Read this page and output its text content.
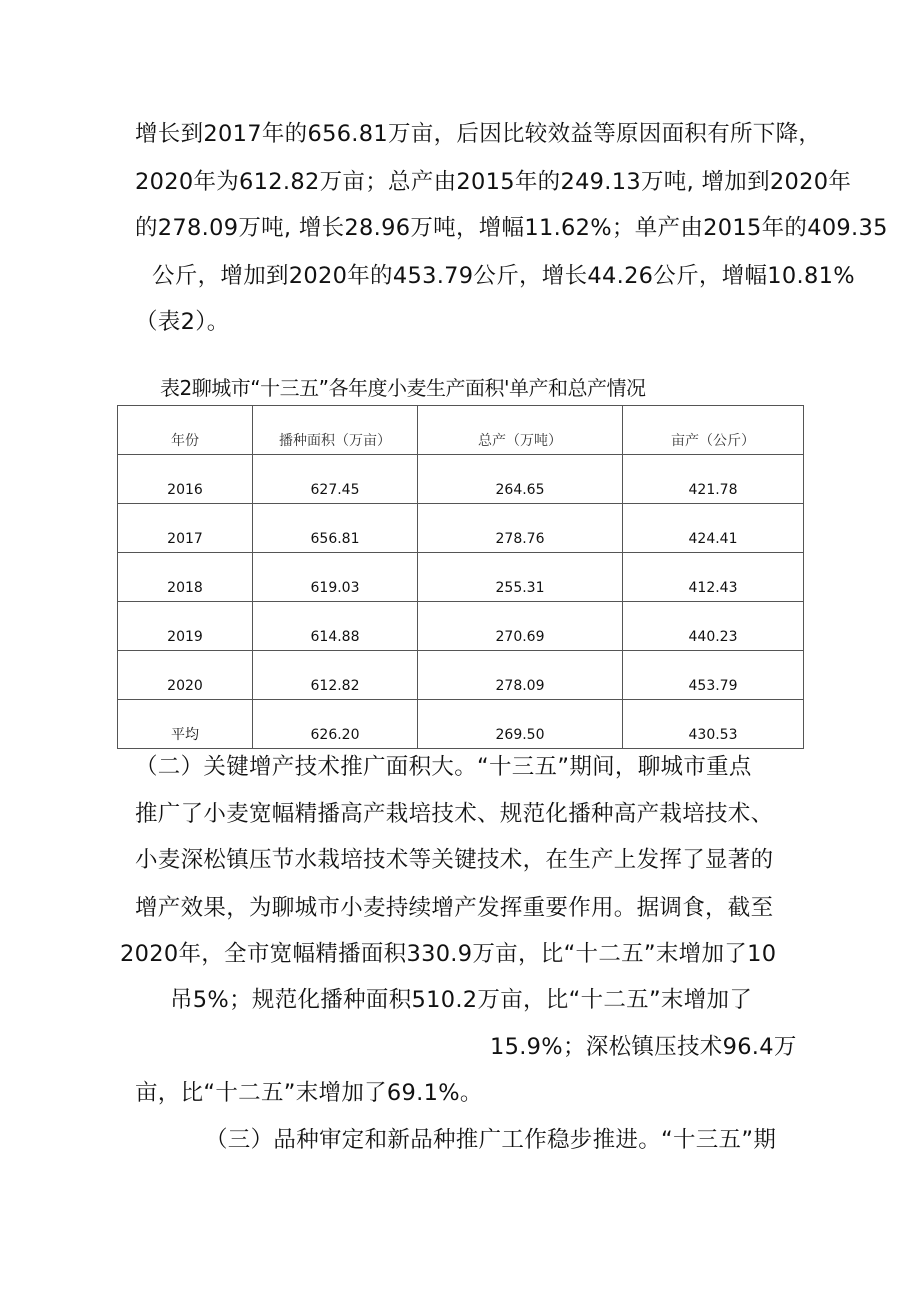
增长到2017年的656.81万亩，后因比较效益等原因面积有所下降，
2020年为612.82万亩；总产由2015年的249.13万吨, 增加到2020年
的278.09万吨, 增长28.96万吨，增幅11.62%；单产由2015年的409.35
公斤，增加到2020年的453.79公斤，增长44.26公斤，增幅10.81%
（表2）。
表2聊城市“十三五”各年度小麦生产面积'单产和总产情况
年份	播种面积（万亩）	总产（万吨）	亩产（公斤）
2016	627.45	264.65	421.78
2017	656.81	278.76	424.41
2018	619.03	255.31	412.43
2019	614.88	270.69	440.23
2020	612.82	278.09	453.79
平均	626.20	269.50	430.53
（二）关键增产技术推广面积大。“十三五”期间，聊城市重点
推广了小麦宽幅精播高产栽培技术、规范化播种高产栽培技术、
小麦深松镇压节水栽培技术等关键技术，在生产上发挥了显著的
增产效果，为聊城市小麦持续增产发挥重要作用。据调食，截至
2020年，全市宽幅精播面积330.9万亩，比“十二五”末增加了10
吊5%；规范化播种面积510.2万亩，比“十二五”末增加了
15.9%；深松镇压技术96.4万
亩，比“十二五”末增加了69.1%。
（三）品种审定和新品种推广工作稳步推进。“十三五”期
